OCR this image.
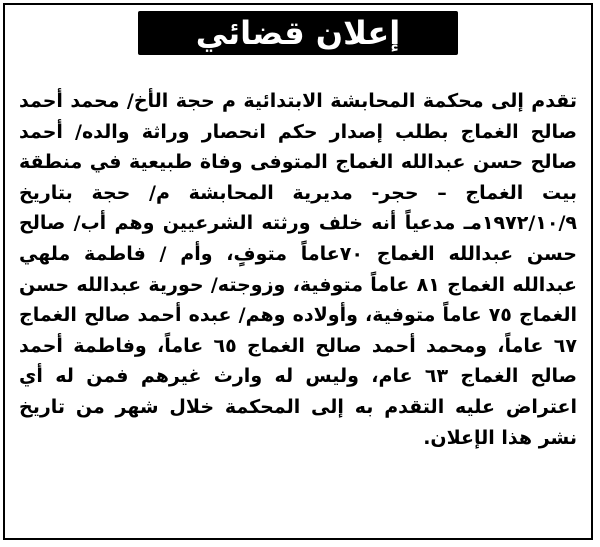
إعلان قضائي

تقدم إلى محكمة المحابشة الابتدائية م حجة الأخ/ محمد أحمد صالح الغماج بطلب إصدار حكم انحصار وراثة والده/ أحمد صالح حسن عبدالله الغماج المتوفى وفاة طبيعية في منطقة بيت الغماج – حجر- مديرية المحابشة م/ حجة بتاريخ ١٩٧٢/١٠/٩مـ مدعياً أنه خلف ورثته الشرعيين وهم أب/ صالح حسن عبدالله الغماج ٧٠عاماً متوفٍ، وأم / فاطمة ملهي عبدالله الغماج ٨١ عاماً متوفية، وزوجته/ حورية عبدالله حسن الغماج ٧٥ عاماً متوفية، وأولاده وهم/ عبده أحمد صالح الغماج ٦٧ عاماً، ومحمد أحمد صالح الغماج ٦٥ عاماً، وفاطمة أحمد صالح الغماج ٦٣ عام، وليس له وارث غيرهم فمن له أي اعتراض عليه التقدم به إلى المحكمة خلال شهر من تاريخ نشر هذا الإعلان.
